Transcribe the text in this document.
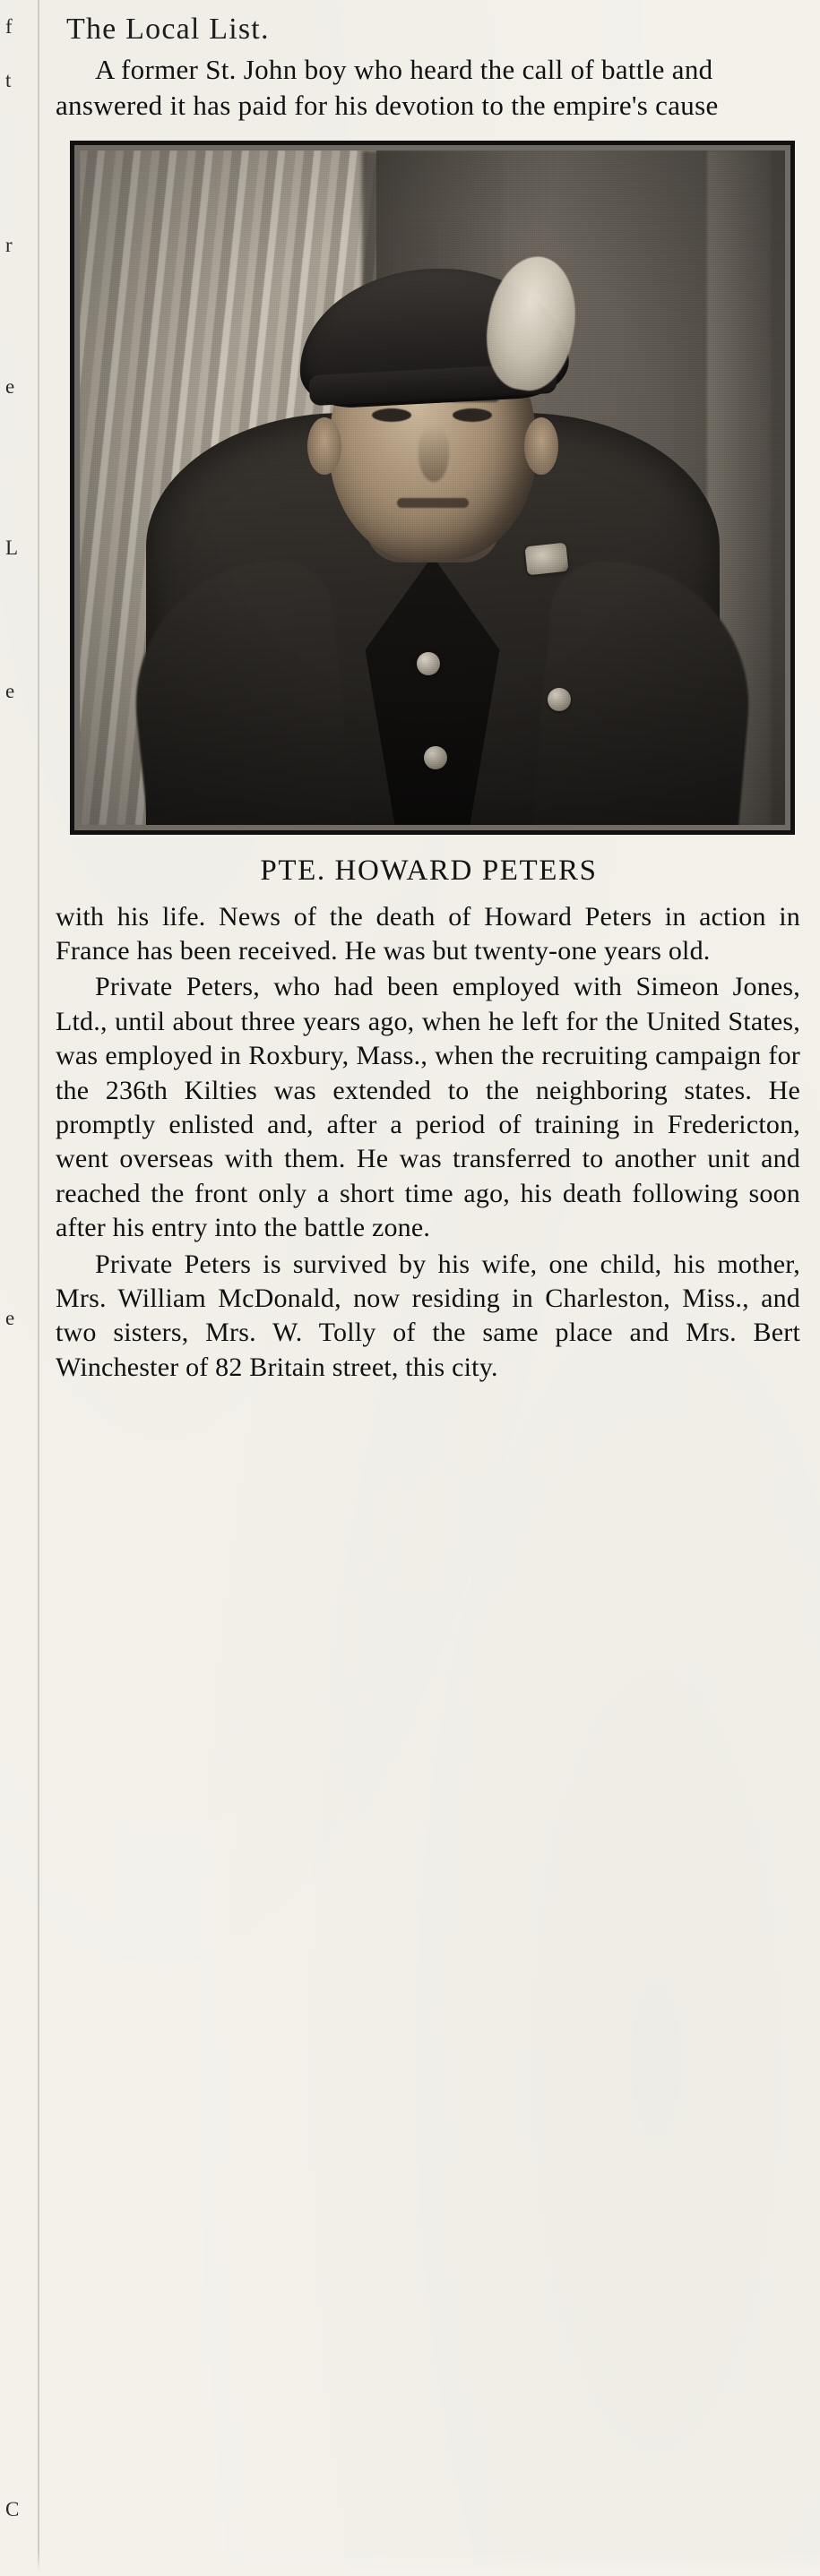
f
t
r
e
L
e
e
C
The Local List.

A former St. John boy who heard the call of battle and answered it has paid for his devotion to the empire's cause

PTE. HOWARD PETERS

with his life. News of the death of Howard Peters in action in France has been received. He was but twenty-one years old.

Private Peters, who had been employed with Simeon Jones, Ltd., until about three years ago, when he left for the United States, was employed in Roxbury, Mass., when the recruiting campaign for the 236th Kilties was extended to the neighboring states. He promptly enlisted and, after a period of training in Fredericton, went overseas with them. He was transferred to another unit and reached the front only a short time ago, his death following soon after his entry into the battle zone.

Private Peters is survived by his wife, one child, his mother, Mrs. William McDonald, now residing in Charleston, Miss., and two sisters, Mrs. W. Tolly of the same place and Mrs. Bert Winchester of 82 Britain street, this city.
